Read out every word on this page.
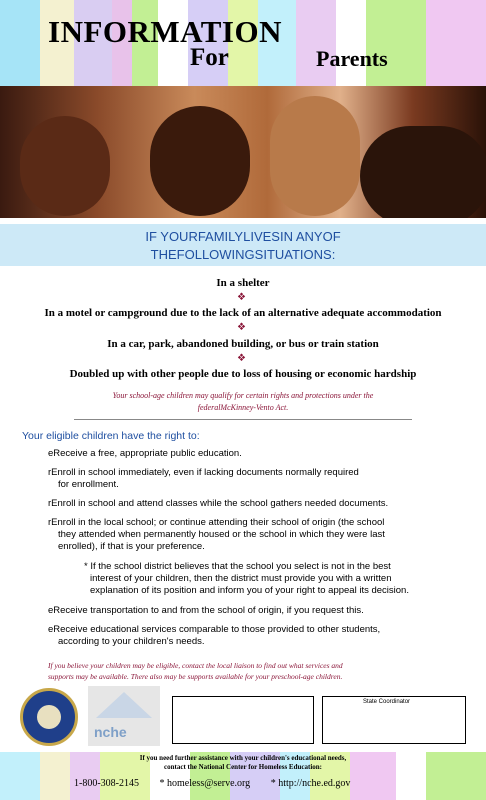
INFORMATION
For	Parents
IF YOURFAMILYLIVESIN ANYOF
THEFOLLOWINGSITUATIONS:
In a shelter
❖
In a motel or campground due to the lack of an alternative adequate accommodation
❖
In a car, park, abandoned building, or bus or train station
❖
Doubled up with other people due to loss of housing or economic hardship
Your school-age children may qualify for certain rights and protections under the
federalMcKinney-Vento Act.
Your eligible children have the right to:
eReceive a free, appropriate public education.
rEnroll in school immediately, even if lacking documents normally required
for enrollment.
rEnroll in school and attend classes while the school gathers needed documents.
rEnroll in the local school; or continue attending their school of origin (the school
they attended when permanently housed or the school in which they were last
enrolled), if that is your preference.
* If the school district believes that the school you select is not in the best
interest of your children, then the district must provide you with a written
explanation of its position and inform you of your right to appeal its decision.
eReceive transportation to and from the school of origin, if you request this.
eReceive educational services comparable to those provided to other students,
according to your children's needs.
If you believe your children may be eligible, contact the local liaison to find out what services and
supports may be available. There also may be supports available for your preschool-age children.
nche
State Coordinator
If you need further assistance with your children's educational needs,
contact the National Center for Homeless Education:
1-800-308-2145 * homeless@serve.org * http://nche.ed.gov
